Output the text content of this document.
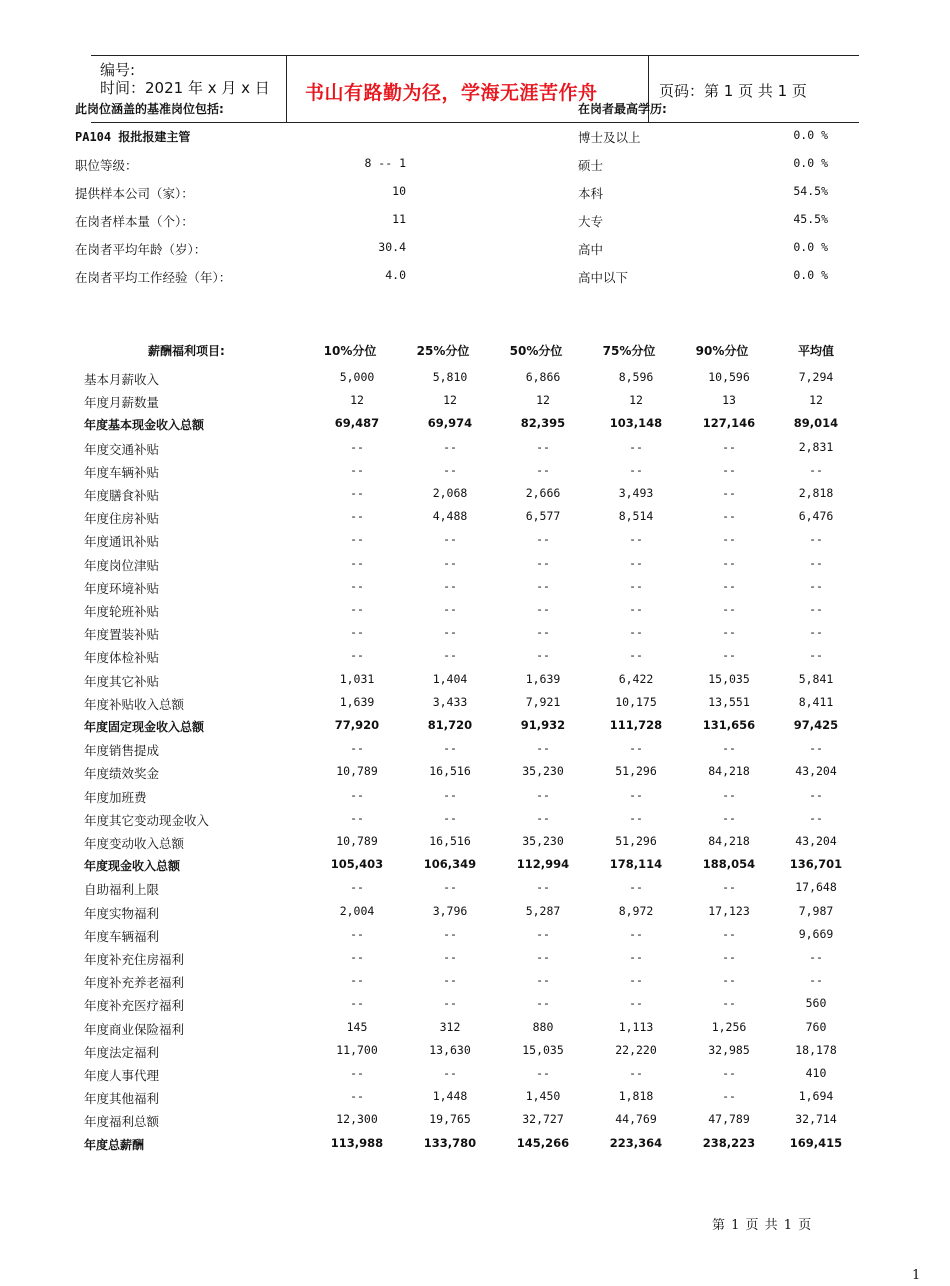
编号:
时间：2021 年 x 月 x 日 书山有路勤为径，学海无涯苦作舟	页码：第 1 页 共 1 页
此岗位涵盖的基准岗位包括:	在岗者最高学历:
PA104 报批报建主管
职位等级：	8 -- 1
提供样本公司（家）：	10
在岗者样本量（个）：	11
在岗者平均年龄（岁）：	30.4
在岗者平均工作经验（年）：	4.0
博士及以上	0.0 %
硕士	0.0 %
本科	54.5%
大专	45.5%
高中	0.0 %
高中以下	0.0 %
薪酬福利项目:	10%分位	25%分位	50%分位	75%分位	90%分位	平均值
基本月薪收入	5,000	5,810	6,866	8,596	10,596	7,294
年度月薪数量	12	12	12	12	13	12
年度基本现金收入总额	69,487	69,974	82,395	103,148	127,146	89,014
年度交通补贴	--	--	--	--	--	2,831
年度车辆补贴	--	--	--	--	--	--
年度膳食补贴	--	2,068	2,666	3,493	--	2,818
年度住房补贴	--	4,488	6,577	8,514	--	6,476
年度通讯补贴	--	--	--	--	--	--
年度岗位津贴	--	--	--	--	--	--
年度环境补贴	--	--	--	--	--	--
年度轮班补贴	--	--	--	--	--	--
年度置装补贴	--	--	--	--	--	--
年度体检补贴	--	--	--	--	--	--
年度其它补贴	1,031	1,404	1,639	6,422	15,035	5,841
年度补贴收入总额	1,639	3,433	7,921	10,175	13,551	8,411
年度固定现金收入总额	77,920	81,720	91,932	111,728	131,656	97,425
年度销售提成	--	--	--	--	--	--
年度绩效奖金	10,789	16,516	35,230	51,296	84,218	43,204
年度加班费	--	--	--	--	--	--
年度其它变动现金收入	--	--	--	--	--	--
年度变动收入总额	10,789	16,516	35,230	51,296	84,218	43,204
年度现金收入总额	105,403	106,349	112,994	178,114	188,054	136,701
自助福利上限	--	--	--	--	--	17,648
年度实物福利	2,004	3,796	5,287	8,972	17,123	7,987
年度车辆福利	--	--	--	--	--	9,669
年度补充住房福利	--	--	--	--	--	--
年度补充养老福利	--	--	--	--	--	--
年度补充医疗福利	--	--	--	--	--	560
年度商业保险福利	145	312	880	1,113	1,256	760
年度法定福利	11,700	13,630	15,035	22,220	32,985	18,178
年度人事代理	--	--	--	--	--	410
年度其他福利	--	1,448	1,450	1,818	--	1,694
年度福利总额	12,300	19,765	32,727	44,769	47,789	32,714
年度总薪酬	113,988	133,780	145,266	223,364	238,223	169,415
第 1 页 共 1 页
1
